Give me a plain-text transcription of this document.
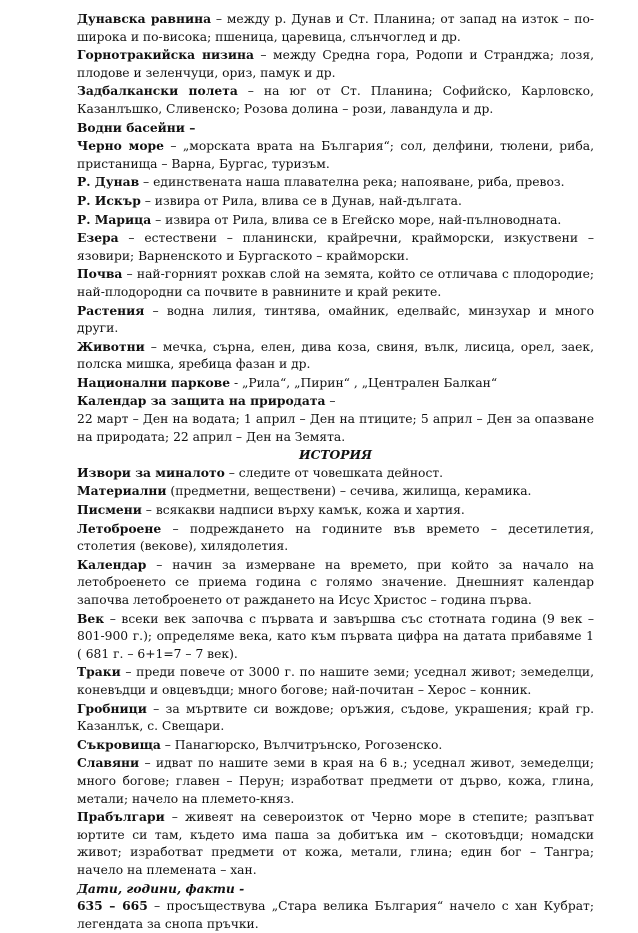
Дунавска равнина – между р. Дунав и Ст. Планина; от запад на изток – по-широка и по-висока; пшеница, царевица, слънчоглед и др.

Горнотракийска низина – между Средна гора, Родопи и Странджа; лозя, плодове и зеленчуци, ориз, памук и др.

Задбалкански полета – на юг от Ст. Планина; Софийско, Карловско, Казанлъшко, Сливенско; Розова долина – рози, лавандула и др.

Водни басейни –

Черно море – „морската врата на България“; сол, делфини, тюлени, риба, пристанища – Варна, Бургас, туризъм.

Р. Дунав – единствената наша плавателна река; напояване, риба, превоз.

Р. Искър – извира от Рила, влива се в Дунав, най-дългата.

Р. Марица – извира от Рила, влива се в Егейско море, най-пълноводната.

Езера – естествени – планински, крайречни, крайморски, изкуствени – язовири; Варненското и Бургаското – крайморски.

Почва – най-горният рохкав слой на земята, който се отличава с плодородие; най-плодородни са почвите в равнините и край реките.

Растения – водна лилия, тинтява, омайник, еделвайс, минзухар и много други.

Животни – мечка, сърна, елен, дива коза, свиня, вълк, лисица, орел, заек, полска мишка, яребица фазан и др.

Национални паркове - „Рила“, „Пирин“ , „Централен Балкан“

Календар за защита на природата –

22 март – Ден на водата; 1 април – Ден на птиците; 5 април – Ден за опазване на природата; 22 април – Ден на Земята.

ИСТОРИЯ

Извори за миналото – следите от човешката дейност.

Материални (предметни, веществени) – сечива, жилища, керамика.

Писмени – всякакви надписи върху камък, кожа и хартия.

Летоброене – подреждането на годините във времето – десетилетия, столетия (векове), хилядолетия.

Календар – начин за измерване на времето, при който за начало на летоброенето се приема година с голямо значение. Днешният календар започва летоброенето от раждането на Исус Христос – година първа.

Век – всеки век започва с първата и завършва със стотната година (9 век – 801-900 г.); определяме века, като към първата цифра на датата прибавяме 1 ( 681 г. – 6+1=7 – 7 век).

Траки – преди повече от 3000 г. по нашите земи; уседнал живот; земеделци, коневъдци и овцевъдци; много богове; най-почитан – Херос – конник.

Гробници – за мъртвите си вождове; оръжия, съдове, украшения; край гр. Казанлък, с. Свещари.

Съкровища – Панагюрско, Вълчитрънско, Рогозенско.

Славяни – идват по нашите земи в края на 6 в.; уседнал живот, земеделци; много богове; главен – Перун; изработват предмети от дърво, кожа, глина, метали; начело на племето-княз.

Прабългари – живеят на североизток от Черно море в степите; разпъват юртите си там, където има паша за добитъка им – скотовъдци; номадски живот; изработват предмети от кожа, метали, глина; един бог – Тангра; начело на племената – хан.

Дати, години, факти -

635 – 665 – просъществува „Стара велика България“ начело с хан Кубрат; легендата за снопа пръчки.
